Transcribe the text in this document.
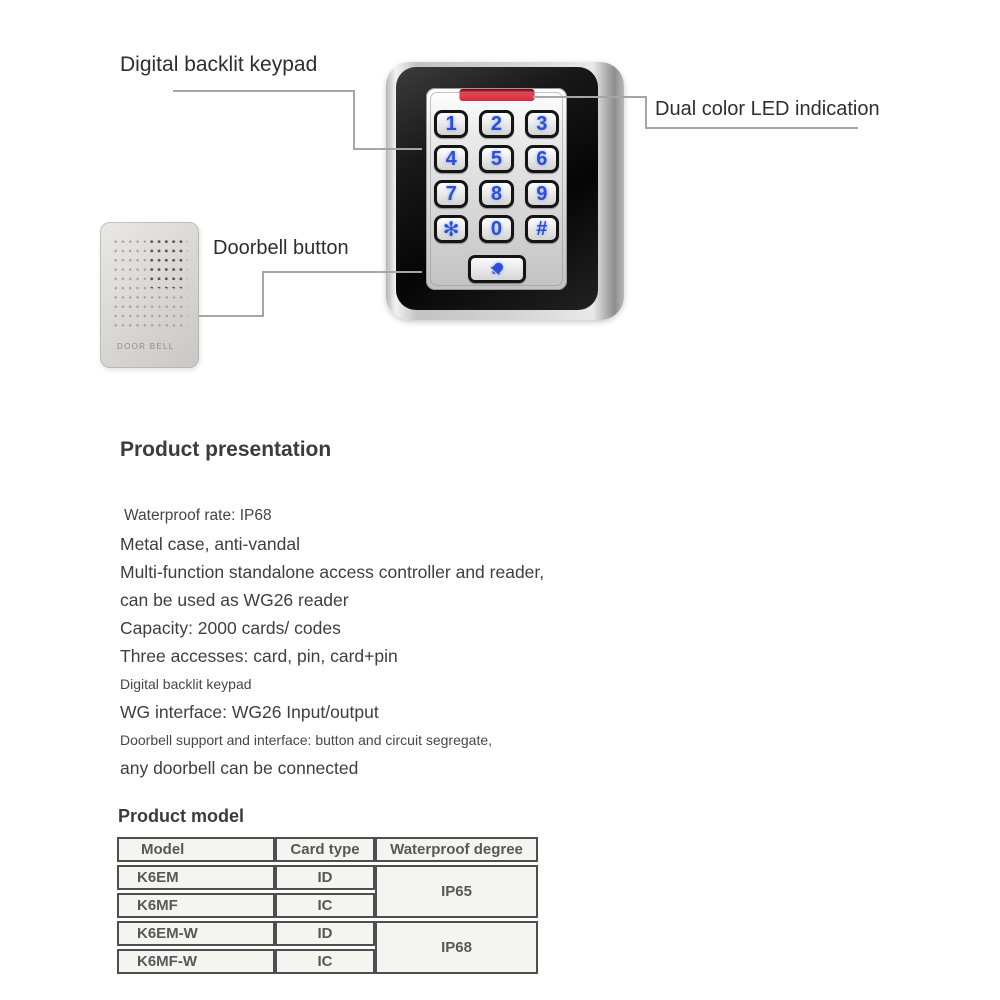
1	2	3
4	5	6
7	8	9
✻	0	#
DOOR BELL
Digital backlit keypad
Dual color LED indication
Doorbell button
Product presentation
Waterproof rate: IP68
Metal case, anti-vandal
Multi-function standalone access controller and reader,
can be used as WG26 reader
Capacity: 2000 cards/ codes
Three accesses: card, pin, card+pin
Digital backlit keypad
WG interface: WG26 Input/output
Doorbell support and interface: button and circuit segregate,
any doorbell can be connected
Product model
Model	Card type	Waterproof degree
K6EM	ID	IP65
K6MF	IC	
K6EM-W	ID	IP68
K6MF-W	IC	
